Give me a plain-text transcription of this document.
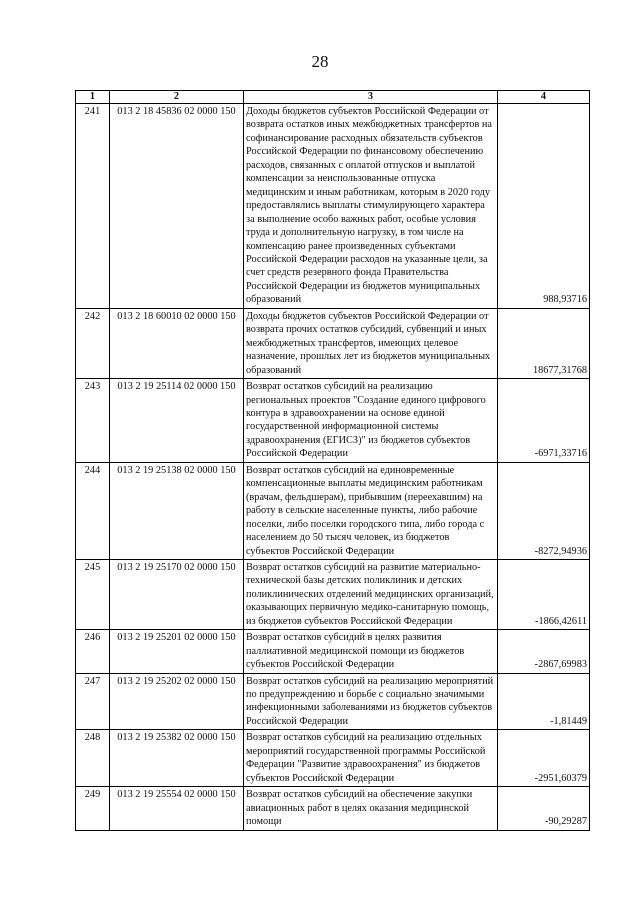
28
1	2	3	4
241	013 2 18 45836 02 0000 150	Доходы бюджетов субъектов Российской Федерации от возврата остатков иных межбюджетных трансфертов на софинансирование расходных обязательств субъектов Российской Федерации по финансовому обеспечению расходов, связанных с оплатой отпусков и выплатой компенсации за неиспользованные отпуска медицинским и иным работникам, которым в 2020 году предоставлялись выплаты стимулирующего характера за выполнение особо важных работ, особые условия труда и дополнительную нагрузку, в том числе на компенсацию ранее произведенных субъектами Российской Федерации расходов на указанные цели, за счет средств резервного фонда Правительства Российской Федерации из бюджетов муниципальных образований	988,93716
242	013 2 18 60010 02 0000 150	Доходы бюджетов субъектов Российской Федерации от возврата прочих остатков субсидий, субвенций и иных межбюджетных трансфертов, имеющих целевое назначение, прошлых лет из бюджетов муниципальных образований	18677,31768
243	013 2 19 25114 02 0000 150	Возврат остатков субсидий на реализацию региональных проектов "Создание единого цифрового контура в здравоохранении на основе единой государственной информационной системы здравоохранения (ЕГИСЗ)" из бюджетов субъектов Российской Федерации	-6971,33716
244	013 2 19 25138 02 0000 150	Возврат остатков субсидий на единовременные компенсационные выплаты медицинским работникам (врачам, фельдшерам), прибывшим (переехавшим) на работу в сельские населенные пункты, либо рабочие поселки, либо поселки городского типа, либо города с населением до 50 тысяч человек, из бюджетов субъектов Российской Федерации	-8272,94936
245	013 2 19 25170 02 0000 150	Возврат остатков субсидий на развитие материально-технической базы детских поликлиник и детских поликлинических отделений медицинских организаций, оказывающих первичную медико-санитарную помощь, из бюджетов субъектов Российской Федерации	-1866,42611
246	013 2 19 25201 02 0000 150	Возврат остатков субсидий в целях развития паллиативной медицинской помощи из бюджетов субъектов Российской Федерации	-2867,69983
247	013 2 19 25202 02 0000 150	Возврат остатков субсидий на реализацию мероприятий по предупреждению и борьбе с социально значимыми инфекционными заболеваниями из бюджетов субъектов Российской Федерации	-1,81449
248	013 2 19 25382 02 0000 150	Возврат остатков субсидий на реализацию отдельных мероприятий государственной программы Российской Федерации "Развитие здравоохранения" из бюджетов субъектов Российской Федерации	-2951,60379
249	013 2 19 25554 02 0000 150	Возврат остатков субсидий на обеспечение закупки авиационных работ в целях оказания медицинской помощи	-90,29287
